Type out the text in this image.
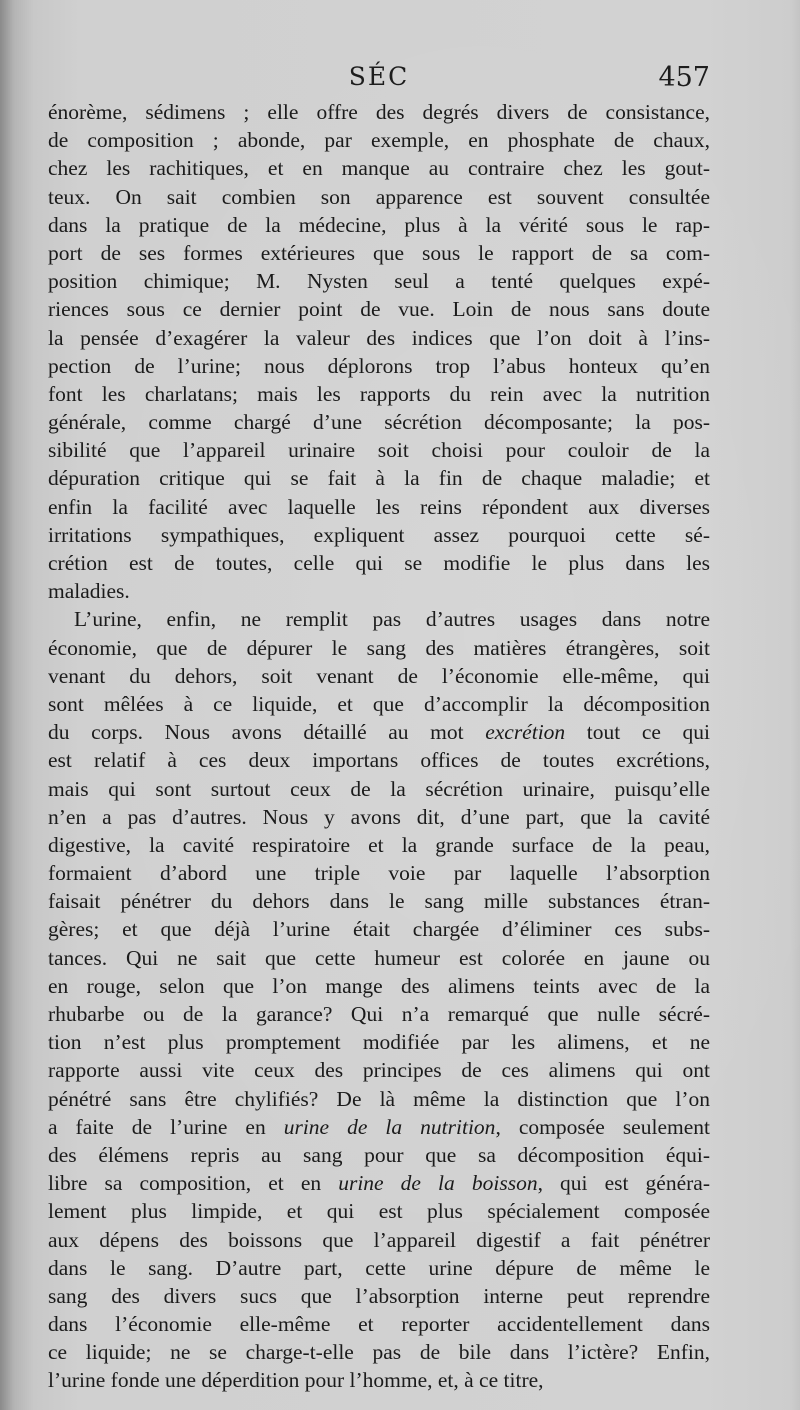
SÉC	457
énorème, sédimens ; elle offre des degrés divers de consistance,
de composition ; abonde, par exemple, en phosphate de chaux,
chez les rachitiques, et en manque au contraire chez les gout-
teux. On sait combien son apparence est souvent consultée
dans la pratique de la médecine, plus à la vérité sous le rap-
port de ses formes extérieures que sous le rapport de sa com-
position chimique; M. Nysten seul a tenté quelques expé-
riences sous ce dernier point de vue. Loin de nous sans doute
la pensée d’exagérer la valeur des indices que l’on doit à l’ins-
pection de l’urine; nous déplorons trop l’abus honteux qu’en
font les charlatans; mais les rapports du rein avec la nutrition
générale, comme chargé d’une sécrétion décomposante; la pos-
sibilité que l’appareil urinaire soit choisi pour couloir de la
dépuration critique qui se fait à la fin de chaque maladie; et
enfin la facilité avec laquelle les reins répondent aux diverses
irritations sympathiques, expliquent assez pourquoi cette sé-
crétion est de toutes, celle qui se modifie le plus dans les
maladies.
L’urine, enfin, ne remplit pas d’autres usages dans notre
économie, que de dépurer le sang des matières étrangères, soit
venant du dehors, soit venant de l’économie elle-même, qui
sont mêlées à ce liquide, et que d’accomplir la décomposition
du corps. Nous avons détaillé au mot excrétion tout ce qui
est relatif à ces deux importans offices de toutes excrétions,
mais qui sont surtout ceux de la sécrétion urinaire, puisqu’elle
n’en a pas d’autres. Nous y avons dit, d’une part, que la cavité
digestive, la cavité respiratoire et la grande surface de la peau,
formaient d’abord une triple voie par laquelle l’absorption
faisait pénétrer du dehors dans le sang mille substances étran-
gères; et que déjà l’urine était chargée d’éliminer ces subs-
tances. Qui ne sait que cette humeur est colorée en jaune ou
en rouge, selon que l’on mange des alimens teints avec de la
rhubarbe ou de la garance? Qui n’a remarqué que nulle sécré-
tion n’est plus promptement modifiée par les alimens, et ne
rapporte aussi vite ceux des principes de ces alimens qui ont
pénétré sans être chylifiés? De là même la distinction que l’on
a faite de l’urine en urine de la nutrition, composée seulement
des élémens repris au sang pour que sa décomposition équi-
libre sa composition, et en urine de la boisson, qui est généra-
lement plus limpide, et qui est plus spécialement composée
aux dépens des boissons que l’appareil digestif a fait pénétrer
dans le sang. D’autre part, cette urine dépure de même le
sang des divers sucs que l’absorption interne peut reprendre
dans l’économie elle-même et reporter accidentellement dans
ce liquide; ne se charge-t-elle pas de bile dans l’ictère? Enfin,
l’urine fonde une déperdition pour l’homme, et, à ce titre,
